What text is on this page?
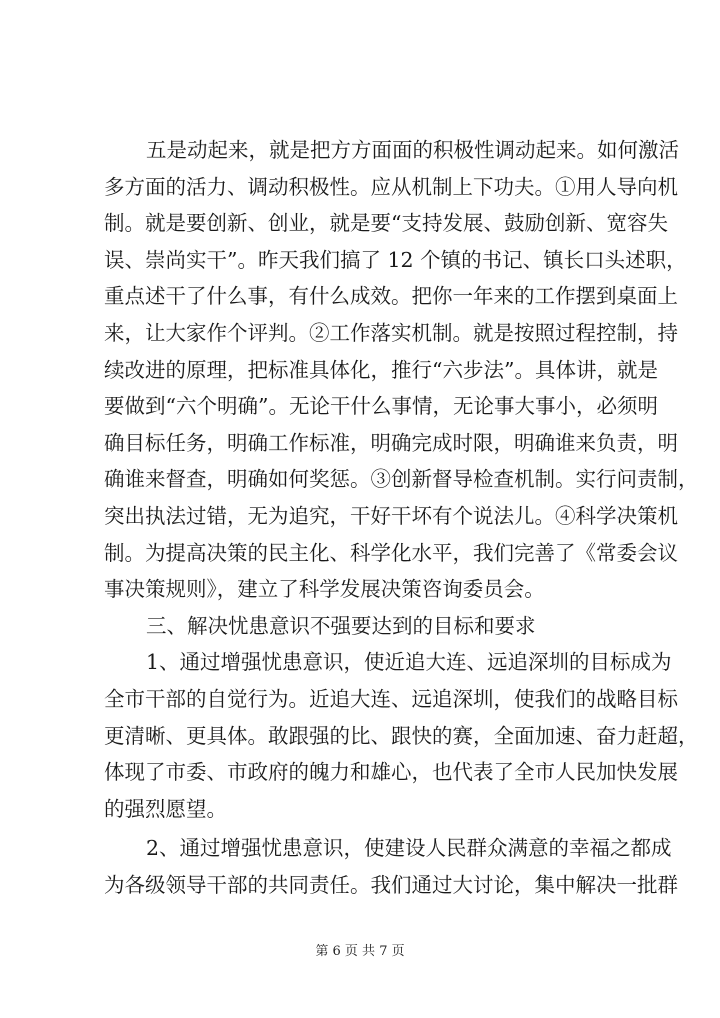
五是动起来，就是把方方面面的积极性调动起来。如何激活
多方面的活力、调动积极性。应从机制上下功夫。①用人导向机
制。就是要创新、创业，就是要“支持发展、鼓励创新、宽容失
误、崇尚实干”。昨天我们搞了 12 个镇的书记、镇长口头述职，
重点述干了什么事，有什么成效。把你一年来的工作摆到桌面上
来，让大家作个评判。②工作落实机制。就是按照过程控制，持
续改进的原理，把标准具体化，推行“六步法”。具体讲，就是
要做到“六个明确”。无论干什么事情，无论事大事小，必须明
确目标任务，明确工作标准，明确完成时限，明确谁来负责，明
确谁来督查，明确如何奖惩。③创新督导检查机制。实行问责制，
突出执法过错，无为追究，干好干坏有个说法儿。④科学决策机
制。为提高决策的民主化、科学化水平，我们完善了《常委会议
事决策规则》，建立了科学发展决策咨询委员会。
三、解决忧患意识不强要达到的目标和要求
1、通过增强忧患意识，使近追大连、远追深圳的目标成为
全市干部的自觉行为。近追大连、远追深圳，使我们的战略目标
更清晰、更具体。敢跟强的比、跟快的赛，全面加速、奋力赶超，
体现了市委、市政府的魄力和雄心，也代表了全市人民加快发展
的强烈愿望。
2、通过增强忧患意识，使建设人民群众满意的幸福之都成
为各级领导干部的共同责任。我们通过大讨论，集中解决一批群
第 6 页 共 7 页
